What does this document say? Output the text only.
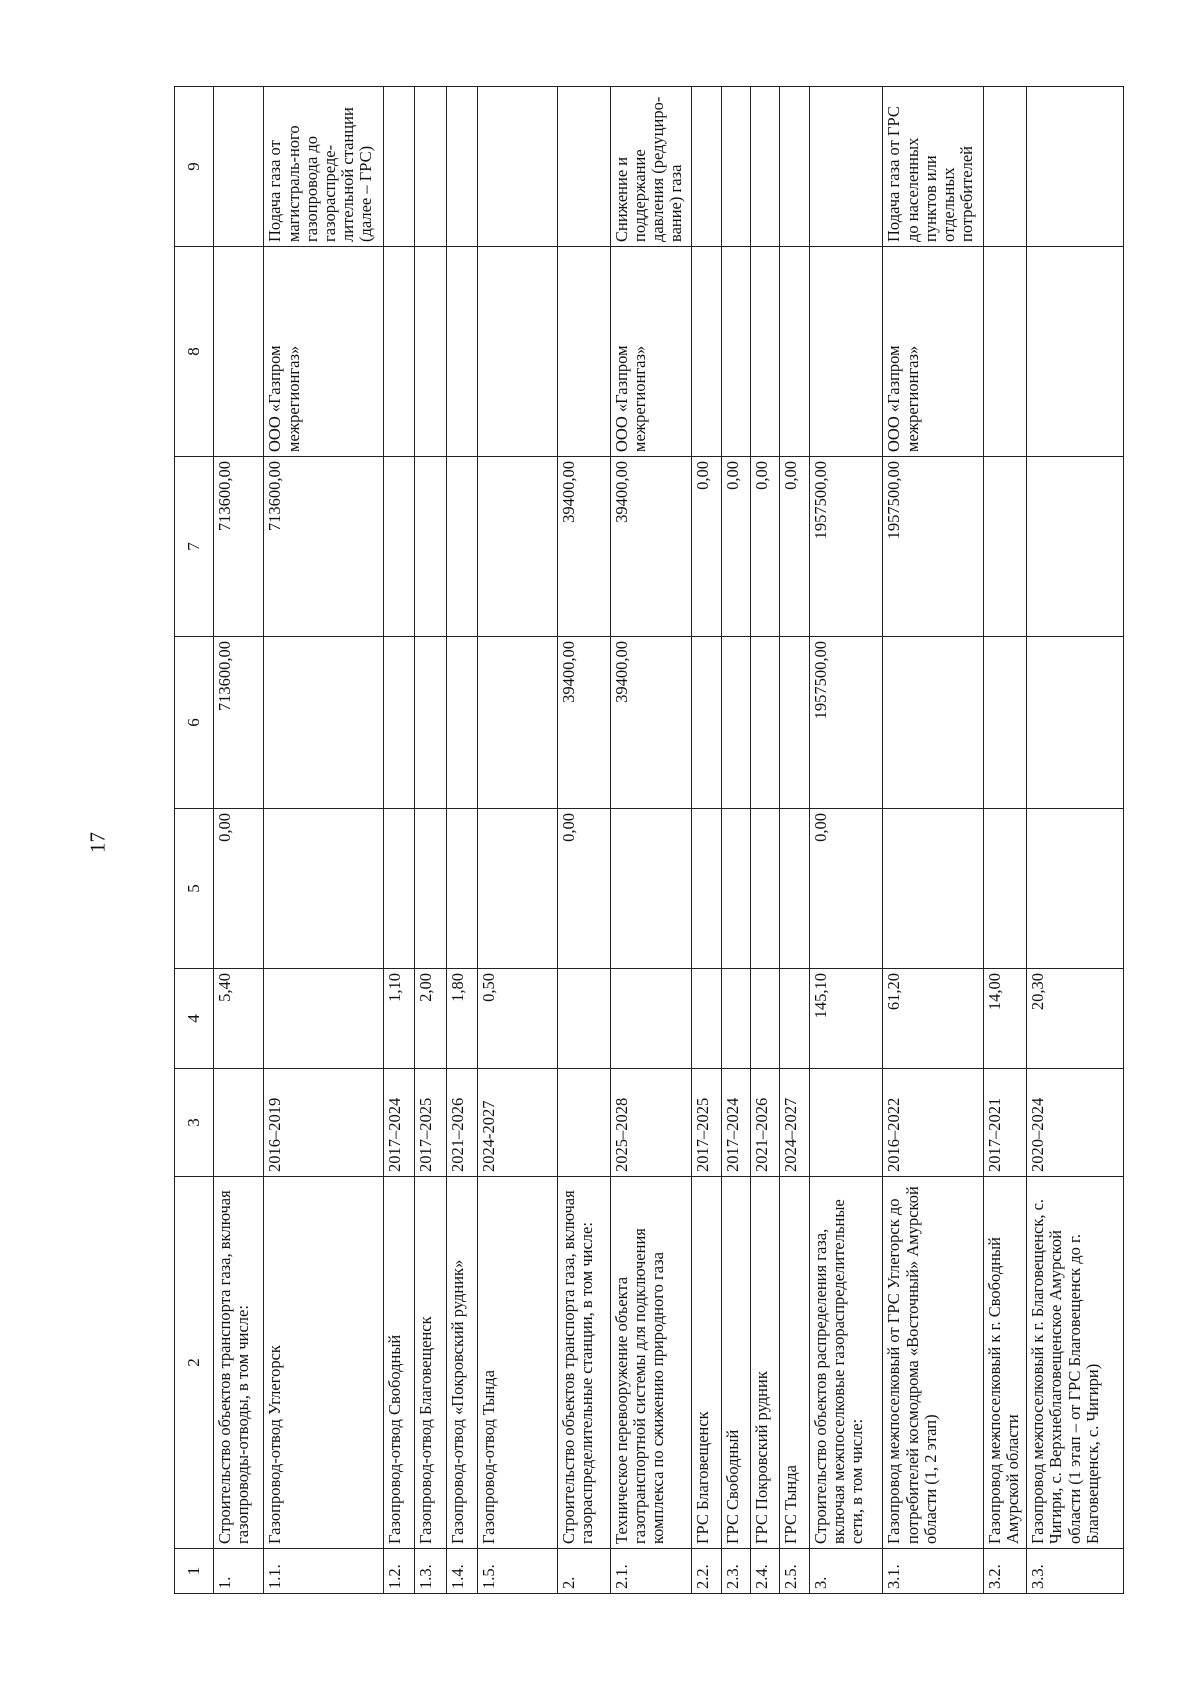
17
1	2	3	4	5	6	7	8	9
1.	Строительство объектов транспорта газа, включая газопроводы-отводы, в том числе:		5,40	0,00	713600,00	713600,00		
1.1.	Газопровод-отвод Углегорск	2016–2019				713600,00	ООО «Газпром межрегионгаз»	Подача газа от магистраль-ного газопровода до газораспреде-лительной станции (далее – ГРС)
1.2.	Газопровод-отвод Свободный	2017–2024	1,10					
1.3.	Газопровод-отвод Благовещенск	2017–2025	2,00					
1.4.	Газопровод-отвод «Покровский рудник»	2021–2026	1,80					
1.5.	Газопровод-отвод Тында	2024-2027	0,50					
2.	Строительство объектов транспорта газа, включая газораспределительные станции, в том числе:			0,00	39400,00	39400,00		
2.1.	Техническое перевооружение объекта газотранспортной системы для подключения комплекса по сжижению природного газа	2025–2028			39400,00	39400,00	ООО «Газпром межрегионгаз»	Снижение и поддержание давления (редуциро-вание) газа
2.2.	ГРС Благовещенск	2017–2025				0,00		
2.3.	ГРС Свободный	2017–2024				0,00		
2.4.	ГРС Покровский рудник	2021–2026				0,00		
2.5.	ГРС Тында	2024–2027				0,00		
3.	Строительство объектов распределения газа, включая межпоселковые газораспределительные сети, в том числе:		145,10	0,00	1957500,00	1957500,00		
3.1.	Газопровод межпоселковый от ГРС Углегорск до потребителей космодрома «Восточный» Амурской области (1, 2 этап)	2016–2022	61,20			1957500,00	ООО «Газпром межрегионгаз»	Подача газа от ГРС до населенных пунктов или отдельных потребителей
3.2.	Газопровод межпоселковый к г. Свободный Амурской области	2017–2021	14,00					
3.3.	Газопровод межпоселковый к г. Благовещенск, с. Чигири, с. Верхнеблаговещенское Амурской области (1 этап – от ГРС Благовещенск до г. Благовещенск, с. Чигири)	2020–2024	20,30					
